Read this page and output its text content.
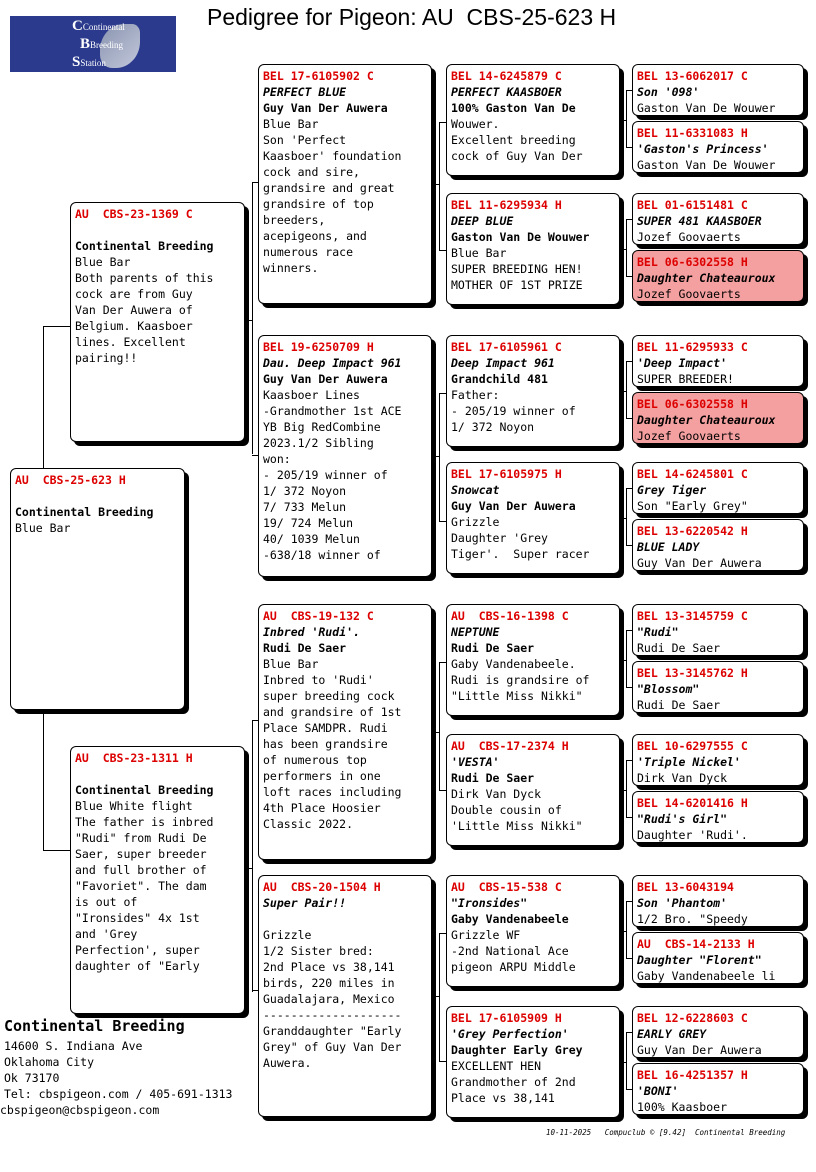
Pedigree for Pigeon: AU  CBS-25-623 H
CContinental
BBreeding
SStation
AU  CBS-25-623 H
Continental Breeding
Blue Bar
AU  CBS-23-1369 C
Continental Breeding
Blue Bar
Both parents of this
cock are from Guy
Van Der Auwera of
Belgium. Kaasboer
lines. Excellent
pairing!!
AU  CBS-23-1311 H
Continental Breeding
Blue White flight
The father is inbred
"Rudi" from Rudi De
Saer, super breeder
and full brother of
"Favoriet". The dam
is out of
"Ironsides" 4x 1st
and 'Grey
Perfection', super
daughter of "Early
BEL 17-6105902 C
PERFECT BLUE
Guy Van Der Auwera
Blue Bar
Son 'Perfect
Kaasboer' foundation
cock and sire,
grandsire and great
grandsire of top
breeders,
acepigeons, and
numerous race
winners.
BEL 19-6250709 H
Dau. Deep Impact 961
Guy Van Der Auwera
Kaasboer Lines
-Grandmother 1st ACE
YB Big RedCombine
2023.1/2 Sibling
won:
- 205/19 winner of
1/ 372 Noyon
7/ 733 Melun
19/ 724 Melun
40/ 1039 Melun
-638/18 winner of
AU  CBS-19-132 C
Inbred 'Rudi'.
Rudi De Saer
Blue Bar
Inbred to 'Rudi'
super breeding cock
and grandsire of 1st
Place SAMDPR. Rudi
has been grandsire
of numerous top
performers in one
loft races including
4th Place Hoosier
Classic 2022.
AU  CBS-20-1504 H
Super Pair!!
Grizzle
1/2 Sister bred:
2nd Place vs 38,141
birds, 220 miles in
Guadalajara, Mexico
--------------------
Granddaughter "Early
Grey" of Guy Van Der
Auwera.
BEL 14-6245879 C
PERFECT KAASBOER
100% Gaston Van De
Wouwer.
Excellent breeding
cock of Guy Van Der
BEL 11-6295934 H
DEEP BLUE
Gaston Van De Wouwer
Blue Bar
SUPER BREEDING HEN!
MOTHER OF 1ST PRIZE
BEL 17-6105961 C
Deep Impact 961
Grandchild 481
Father:
- 205/19 winner of
1/ 372 Noyon
BEL 17-6105975 H
Snowcat
Guy Van Der Auwera
Grizzle
Daughter 'Grey
Tiger'.  Super racer
AU  CBS-16-1398 C
NEPTUNE
Rudi De Saer
Gaby Vandenabeele.
Rudi is grandsire of
"Little Miss Nikki"
AU  CBS-17-2374 H
'VESTA'
Rudi De Saer
Dirk Van Dyck
Double cousin of
'Little Miss Nikki"
AU  CBS-15-538 C
"Ironsides"
Gaby Vandenabeele
Grizzle WF
-2nd National Ace
pigeon ARPU Middle
BEL 17-6105909 H
'Grey Perfection'
Daughter Early Grey
EXCELLENT HEN
Grandmother of 2nd
Place vs 38,141
BEL 13-6062017 C
Son '098'
Gaston Van De Wouwer
BEL 11-6331083 H
'Gaston's Princess'
Gaston Van De Wouwer
BEL 01-6151481 C
SUPER 481 KAASBOER
Jozef Goovaerts
BEL 06-6302558 H
Daughter Chateauroux
Jozef Goovaerts
BEL 11-6295933 C
'Deep Impact'
SUPER BREEDER!
BEL 06-6302558 H
Daughter Chateauroux
Jozef Goovaerts
BEL 14-6245801 C
Grey Tiger
Son "Early Grey"
BEL 13-6220542 H
BLUE LADY
Guy Van Der Auwera
BEL 13-3145759 C
"Rudi"
Rudi De Saer
BEL 13-3145762 H
"Blossom"
Rudi De Saer
BEL 10-6297555 C
'Triple Nickel'
Dirk Van Dyck
BEL 14-6201416 H
"Rudi's Girl"
Daughter 'Rudi'.
BEL 13-6043194
Son 'Phantom'
1/2 Bro. "Speedy
AU  CBS-14-2133 H
Daughter "Florent"
Gaby Vandenabeele li
BEL 12-6228603 C
EARLY GREY
Guy Van Der Auwera
BEL 16-4251357 H
'BONI'
100% Kaasboer
Continental Breeding
14600 S. Indiana Ave
Oklahoma City
Ok 73170
Tel: cbspigeon.com / 405-691-1313
cbspigeon@cbspigeon.com
10-11-2025   Compuclub © [9.42]  Continental Breeding
